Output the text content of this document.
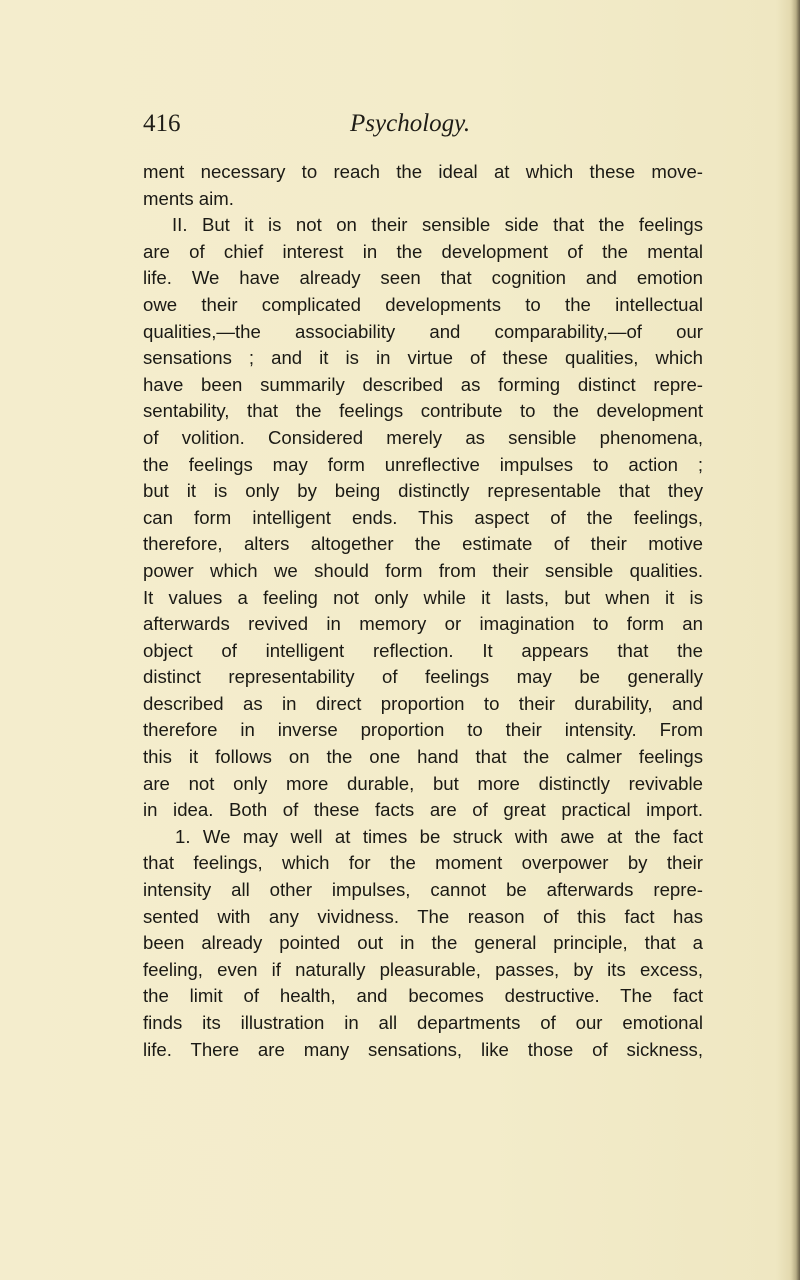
416	Psychology.
ment necessary to reach the ideal at which these move-
ments aim.
II. But it is not on their sensible side that the feelings
are of chief interest in the development of the mental
life. We have already seen that cognition and emotion
owe their complicated developments to the intellectual
qualities,—the associability and comparability,—of our
sensations ; and it is in virtue of these qualities, which
have been summarily described as forming distinct repre-
sentability, that the feelings contribute to the development
of volition. Considered merely as sensible phenomena,
the feelings may form unreflective impulses to action ;
but it is only by being distinctly representable that they
can form intelligent ends. This aspect of the feelings,
therefore, alters altogether the estimate of their motive
power which we should form from their sensible qualities.
It values a feeling not only while it lasts, but when it is
afterwards revived in memory or imagination to form an
object of intelligent reflection. It appears that the
distinct representability of feelings may be generally
described as in direct proportion to their durability, and
therefore in inverse proportion to their intensity. From
this it follows on the one hand that the calmer feelings
are not only more durable, but more distinctly revivable
in idea. Both of these facts are of great practical import.
1. We may well at times be struck with awe at the fact
that feelings, which for the moment overpower by their
intensity all other impulses, cannot be afterwards repre-
sented with any vividness. The reason of this fact has
been already pointed out in the general principle, that a
feeling, even if naturally pleasurable, passes, by its excess,
the limit of health, and becomes destructive. The fact
finds its illustration in all departments of our emotional
life. There are many sensations, like those of sickness,
